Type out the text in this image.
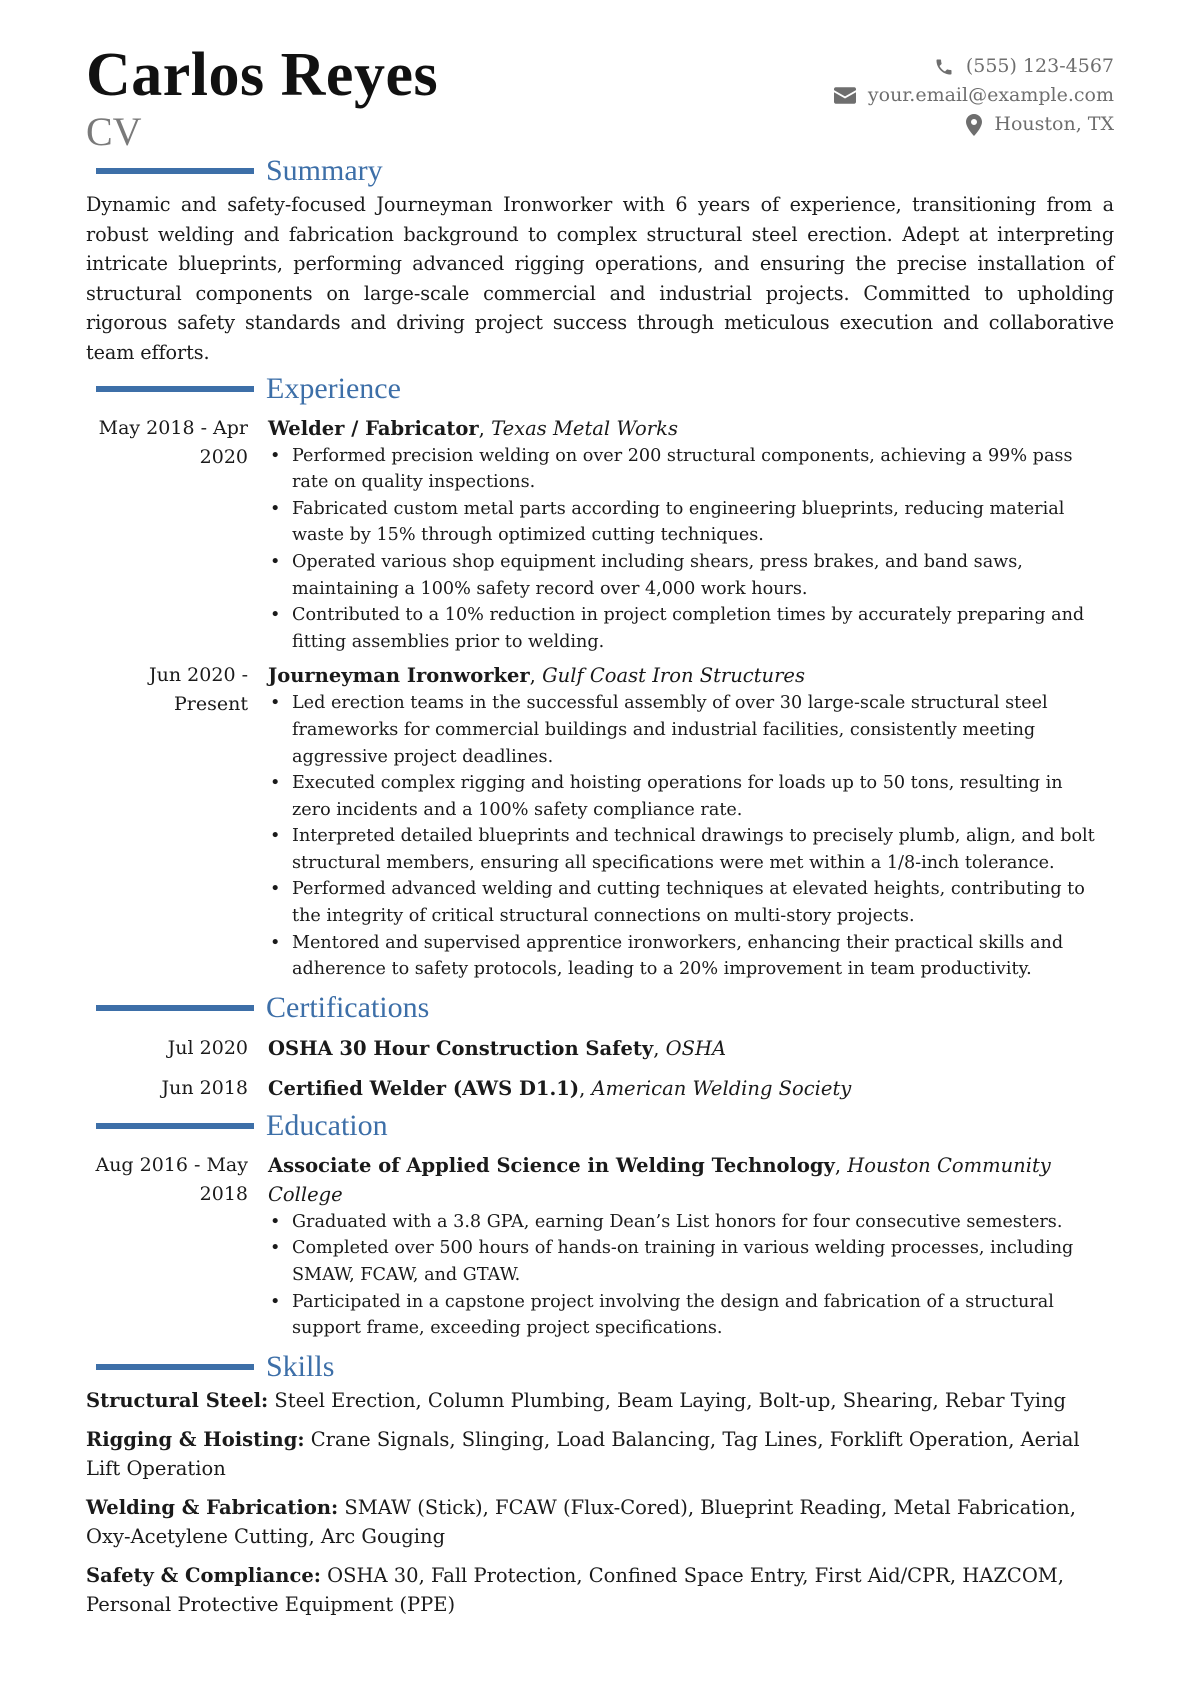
Carlos Reyes

CV

(555) 123-4567
your.email@example.com
Houston, TX
Summary

Dynamic and safety-focused Journeyman Ironworker with 6 years of experience, transitioning from a robust welding and fabrication background to complex structural steel erection. Adept at interpreting intricate blueprints, performing advanced rigging operations, and ensuring the precise installation of structural components on large-scale commercial and industrial projects. Committed to upholding rigorous safety standards and driving project success through meticulous execution and collaborative team efforts.

Experience
May 2018 - Apr 2020
Welder / Fabricator, Texas Metal Works
• Performed precision welding on over 200 structural components, achieving a 99% pass rate on quality inspections.
• Fabricated custom metal parts according to engineering blueprints, reducing material waste by 15% through optimized cutting techniques.
• Operated various shop equipment including shears, press brakes, and band saws, maintaining a 100% safety record over 4,000 work hours.
• Contributed to a 10% reduction in project completion times by accurately preparing and fitting assemblies prior to welding.
Jun 2020 - Present
Journeyman Ironworker, Gulf Coast Iron Structures
• Led erection teams in the successful assembly of over 30 large-scale structural steel frameworks for commercial buildings and industrial facilities, consistently meeting aggressive project deadlines.
• Executed complex rigging and hoisting operations for loads up to 50 tons, resulting in zero incidents and a 100% safety compliance rate.
• Interpreted detailed blueprints and technical drawings to precisely plumb, align, and bolt structural members, ensuring all specifications were met within a 1/8-inch tolerance.
• Performed advanced welding and cutting techniques at elevated heights, contributing to the integrity of critical structural connections on multi-story projects.
• Mentored and supervised apprentice ironworkers, enhancing their practical skills and adherence to safety protocols, leading to a 20% improvement in team productivity.
Certifications
Jul 2020	OSHA 30 Hour Construction Safety, OSHA
Jun 2018	Certified Welder (AWS D1.1), American Welding Society
Education
Aug 2016 - May 2018
Associate of Applied Science in Welding Technology, Houston Community College
• Graduated with a 3.8 GPA, earning Dean’s List honors for four consecutive semesters.
• Completed over 500 hours of hands-on training in various welding processes, including SMAW, FCAW, and GTAW.
• Participated in a capstone project involving the design and fabrication of a structural support frame, exceeding project specifications.
Skills

Structural Steel: Steel Erection, Column Plumbing, Beam Laying, Bolt-up, Shearing, Rebar Tying

Rigging & Hoisting: Crane Signals, Slinging, Load Balancing, Tag Lines, Forklift Operation, Aerial Lift Operation

Welding & Fabrication: SMAW (Stick), FCAW (Flux-Cored), Blueprint Reading, Metal Fabrication, Oxy-Acetylene Cutting, Arc Gouging

Safety & Compliance: OSHA 30, Fall Protection, Confined Space Entry, First Aid/CPR, HAZCOM, Personal Protective Equipment (PPE)
